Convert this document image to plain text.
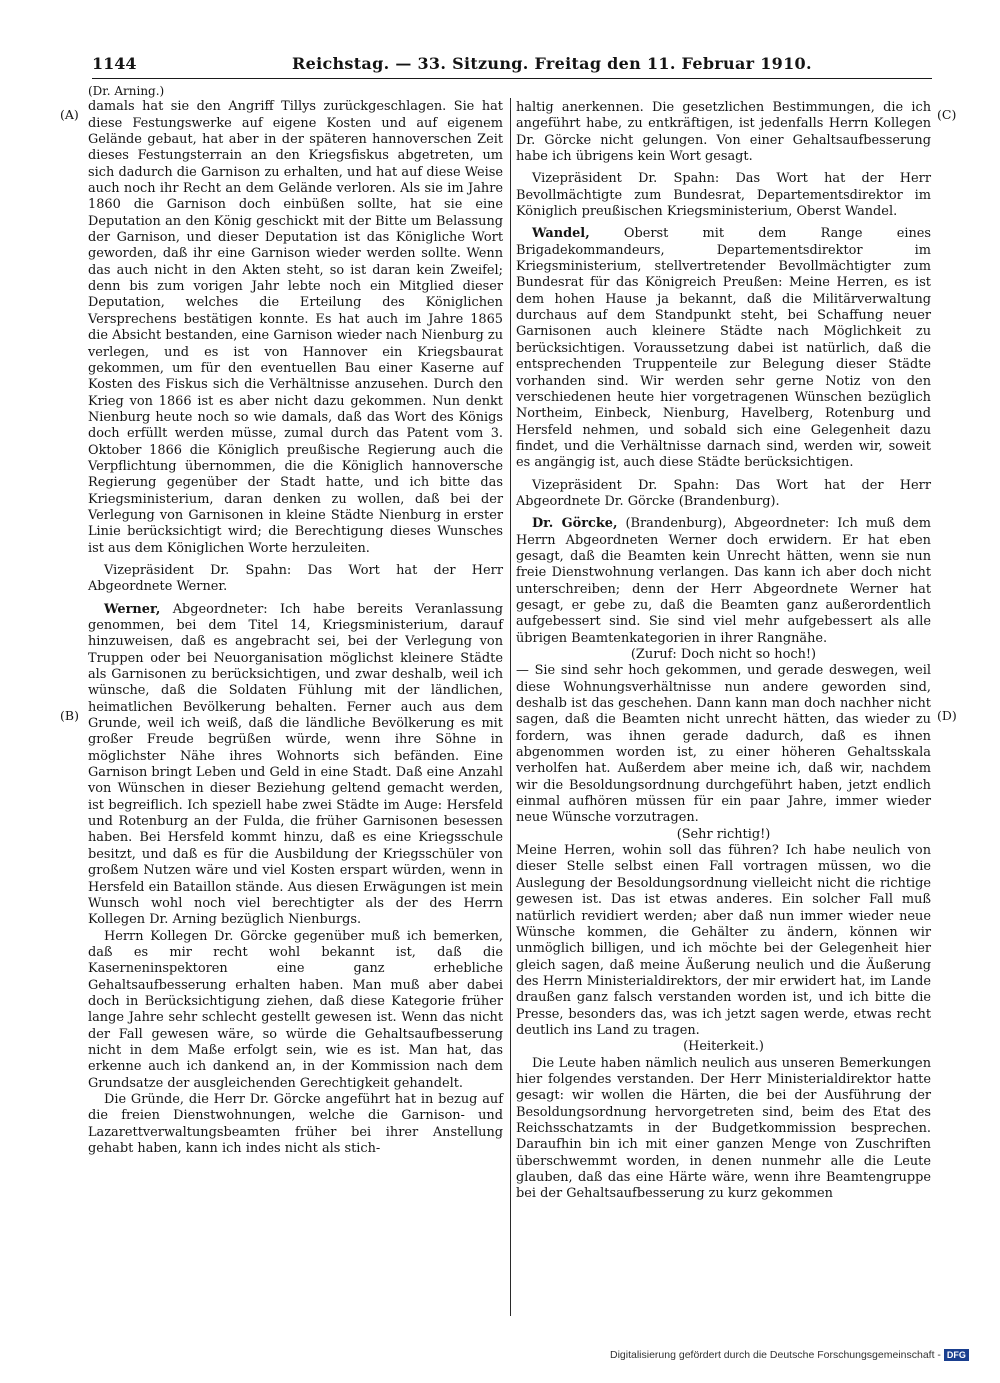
1144	Reichstag. — 33. Sitzung. Freitag den 11. Februar 1910.
(A)
(B)
(C)
(D)

(Dr. Arning.)

damals hat sie den Angriff Tillys zurückgeschlagen. Sie hat diese Festungswerke auf eigene Kosten und auf eigenem Gelände gebaut, hat aber in der späteren hannoverschen Zeit dieses Festungsterrain an den Kriegsfiskus abgetreten, um sich dadurch die Garnison zu erhalten, und hat auf diese Weise auch noch ihr Recht an dem Gelände verloren. Als sie im Jahre 1860 die Garnison doch einbüßen sollte, hat sie eine Deputation an den König geschickt mit der Bitte um Belassung der Garnison, und dieser Deputation ist das Königliche Wort geworden, daß ihr eine Garnison wieder werden sollte. Wenn das auch nicht in den Akten steht, so ist daran kein Zweifel; denn bis zum vorigen Jahr lebte noch ein Mitglied dieser Deputation, welches die Erteilung des Königlichen Versprechens bestätigen konnte. Es hat auch im Jahre 1865 die Absicht bestanden, eine Garnison wieder nach Nienburg zu verlegen, und es ist von Hannover ein Kriegsbaurat gekommen, um für den eventuellen Bau einer Kaserne auf Kosten des Fiskus sich die Verhältnisse anzusehen. Durch den Krieg von 1866 ist es aber nicht dazu gekommen. Nun denkt Nienburg heute noch so wie damals, daß das Wort des Königs doch erfüllt werden müsse, zumal durch das Patent vom 3. Oktober 1866 die Königlich preußische Regierung auch die Verpflichtung übernommen, die die Königlich hannoversche Regierung gegenüber der Stadt hatte, und ich bitte das Kriegsministerium, daran denken zu wollen, daß bei der Verlegung von Garnisonen in kleine Städte Nienburg in erster Linie berücksichtigt wird; die Berechtigung dieses Wunsches ist aus dem Königlichen Worte herzuleiten.

Vizepräsident Dr. Spahn: Das Wort hat der Herr Abgeordnete Werner.

Werner, Abgeordneter: Ich habe bereits Veranlassung genommen, bei dem Titel 14, Kriegsministerium, darauf hinzuweisen, daß es angebracht sei, bei der Verlegung von Truppen oder bei Neuorganisation möglichst kleinere Städte als Garnisonen zu berücksichtigen, und zwar deshalb, weil ich wünsche, daß die Soldaten Fühlung mit der ländlichen, heimatlichen Bevölkerung behalten. Ferner auch aus dem Grunde, weil ich weiß, daß die ländliche Bevölkerung es mit großer Freude begrüßen würde, wenn ihre Söhne in möglichster Nähe ihres Wohnorts sich befänden. Eine Garnison bringt Leben und Geld in eine Stadt. Daß eine Anzahl von Wünschen in dieser Beziehung geltend gemacht werden, ist begreiflich. Ich speziell habe zwei Städte im Auge: Hersfeld und Rotenburg an der Fulda, die früher Garnisonen besessen haben. Bei Hersfeld kommt hinzu, daß es eine Kriegsschule besitzt, und daß es für die Ausbildung der Kriegsschüler von großem Nutzen wäre und viel Kosten erspart würden, wenn in Hersfeld ein Bataillon stände. Aus diesen Erwägungen ist mein Wunsch wohl noch viel berechtigter als der des Herrn Kollegen Dr. Arning bezüglich Nienburgs.

Herrn Kollegen Dr. Görcke gegenüber muß ich bemerken, daß es mir recht wohl bekannt ist, daß die Kaserneninspektoren eine ganz erhebliche Gehaltsaufbesserung erhalten haben. Man muß aber dabei doch in Berücksichtigung ziehen, daß diese Kategorie früher lange Jahre sehr schlecht gestellt gewesen ist. Wenn das nicht der Fall gewesen wäre, so würde die Gehaltsaufbesserung nicht in dem Maße erfolgt sein, wie es ist. Man hat, das erkenne auch ich dankend an, in der Kommission nach dem Grundsatze der ausgleichenden Gerechtigkeit gehandelt.

Die Gründe, die Herr Dr. Görcke angeführt hat in bezug auf die freien Dienstwohnungen, welche die Garnison- und Lazarettverwaltungsbeamten früher bei ihrer Anstellung gehabt haben, kann ich indes nicht als stich-

haltig anerkennen. Die gesetzlichen Bestimmungen, die ich angeführt habe, zu entkräftigen, ist jedenfalls Herrn Kollegen Dr. Görcke nicht gelungen. Von einer Gehaltsaufbesserung habe ich übrigens kein Wort gesagt.

Vizepräsident Dr. Spahn: Das Wort hat der Herr Bevollmächtigte zum Bundesrat, Departementsdirektor im Königlich preußischen Kriegsministerium, Oberst Wandel.

Wandel, Oberst mit dem Range eines Brigadekommandeurs, Departementsdirektor im Kriegsministerium, stellvertretender Bevollmächtigter zum Bundesrat für das Königreich Preußen: Meine Herren, es ist dem hohen Hause ja bekannt, daß die Militärverwaltung durchaus auf dem Standpunkt steht, bei Schaffung neuer Garnisonen auch kleinere Städte nach Möglichkeit zu berücksichtigen. Voraussetzung dabei ist natürlich, daß die entsprechenden Truppenteile zur Belegung dieser Städte vorhanden sind. Wir werden sehr gerne Notiz von den verschiedenen heute hier vorgetragenen Wünschen bezüglich Northeim, Einbeck, Nienburg, Havelberg, Rotenburg und Hersfeld nehmen, und sobald sich eine Gelegenheit dazu findet, und die Verhältnisse darnach sind, werden wir, soweit es angängig ist, auch diese Städte berücksichtigen.

Vizepräsident Dr. Spahn: Das Wort hat der Herr Abgeordnete Dr. Görcke (Brandenburg).

Dr. Görcke, (Brandenburg), Abgeordneter: Ich muß dem Herrn Abgeordneten Werner doch erwidern. Er hat eben gesagt, daß die Beamten kein Unrecht hätten, wenn sie nun freie Dienstwohnung verlangen. Das kann ich aber doch nicht unterschreiben; denn der Herr Abgeordnete Werner hat gesagt, er gebe zu, daß die Beamten ganz außerordentlich aufgebessert sind. Sie sind viel mehr aufgebessert als alle übrigen Beamtenkategorien in ihrer Rangnähe.

(Zuruf: Doch nicht so hoch!)

— Sie sind sehr hoch gekommen, und gerade deswegen, weil diese Wohnungsverhältnisse nun andere geworden sind, deshalb ist das geschehen. Dann kann man doch nachher nicht sagen, daß die Beamten nicht unrecht hätten, das wieder zu fordern, was ihnen gerade dadurch, daß es ihnen abgenommen worden ist, zu einer höheren Gehaltsskala verholfen hat. Außerdem aber meine ich, daß wir, nachdem wir die Besoldungsordnung durchgeführt haben, jetzt endlich einmal aufhören müssen für ein paar Jahre, immer wieder neue Wünsche vorzutragen.

(Sehr richtig!)

Meine Herren, wohin soll das führen? Ich habe neulich von dieser Stelle selbst einen Fall vortragen müssen, wo die Auslegung der Besoldungsordnung vielleicht nicht die richtige gewesen ist. Das ist etwas anderes. Ein solcher Fall muß natürlich revidiert werden; aber daß nun immer wieder neue Wünsche kommen, die Gehälter zu ändern, können wir unmöglich billigen, und ich möchte bei der Gelegenheit hier gleich sagen, daß meine Äußerung neulich und die Äußerung des Herrn Ministerialdirektors, der mir erwidert hat, im Lande draußen ganz falsch verstanden worden ist, und ich bitte die Presse, besonders das, was ich jetzt sagen werde, etwas recht deutlich ins Land zu tragen.

(Heiterkeit.)

Die Leute haben nämlich neulich aus unseren Bemerkungen hier folgendes verstanden. Der Herr Ministerialdirektor hatte gesagt: wir wollen die Härten, die bei der Ausführung der Besoldungsordnung hervorgetreten sind, beim des Etat des Reichsschatzamts in der Budgetkommission besprechen. Daraufhin bin ich mit einer ganzen Menge von Zuschriften überschwemmt worden, in denen nunmehr alle die Leute glauben, daß das eine Härte wäre, wenn ihre Beamtengruppe bei der Gehaltsaufbesserung zu kurz gekommen

Digitalisierung gefördert durch die Deutsche Forschungsgemeinschaft - DFG
